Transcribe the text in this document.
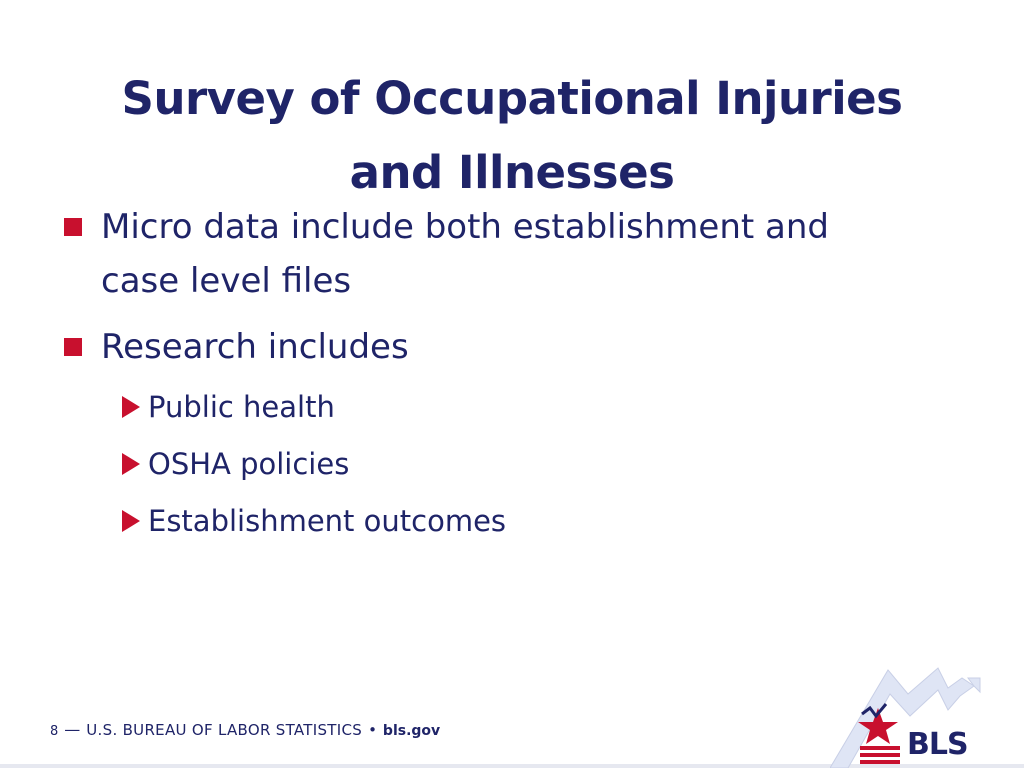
Survey of Occupational Injuries
and Illnesses
Micro data include both establishment and
case level files
Research includes
Public health
OSHA policies
Establishment outcomes
8 — U.S. BUREAU OF LABOR STATISTICS • bls.gov	BLS
